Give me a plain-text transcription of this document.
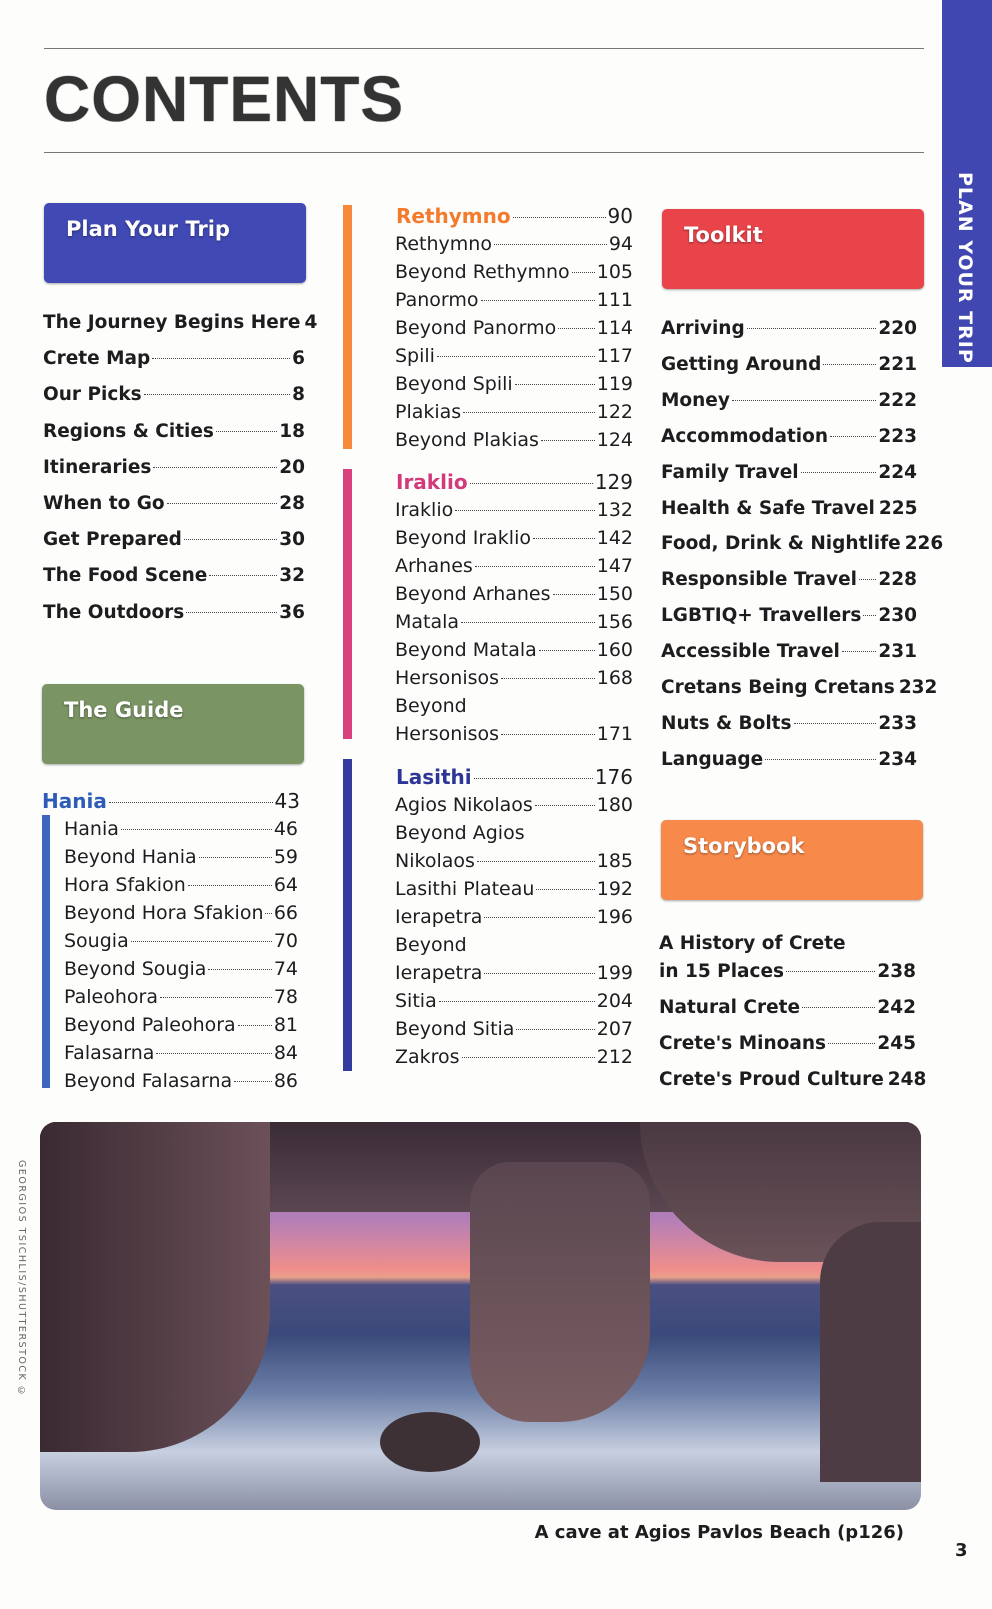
CONTENTS
PLAN YOUR TRIP
Plan Your Trip
The Guide
Toolkit
Storybook
The Journey Begins Here 4
Crete Map	6
Our Picks	8
Regions & Cities	18
Itineraries	20
When to Go	28
Get Prepared	30
The Food Scene	32
The Outdoors	36
Hania	43
Hania	46
Beyond Hania	59
Hora Sfakion	64
Beyond Hora Sfakion 66
Sougia	70
Beyond Sougia	74
Paleohora	78
Beyond Paleohora 81
Falasarna	84
Beyond Falasarna 86
Rethymno	90
Rethymno	94
Beyond Rethymno 105
Panormo	111
Beyond Panormo 114
Spili	117
Beyond Spili	119
Plakias	122
Beyond Plakias	124
Iraklio	129
Iraklio	132
Beyond Iraklio	142
Arhanes	147
Beyond Arhanes 150
Matala	156
Beyond Matala	160
Hersonisos	168
Beyond
Hersonisos	171
Lasithi	176
Agios Nikolaos	180
Beyond Agios
Nikolaos	185
Lasithi Plateau	192
Ierapetra	196
Beyond
Ierapetra	199
Sitia	204
Beyond Sitia	207
Zakros	212
Arriving	220
Getting Around	221
Money	222
Accommodation	223
Family Travel	224
Health & Safe Travel 225
Food, Drink & Nightlife 226
Responsible Travel 228
LGBTIQ+ Travellers 230
Accessible Travel 231
Cretans Being Cretans 232
Nuts & Bolts	233
Language	234
A History of Crete
in 15 Places	238
Natural Crete	242
Crete's Minoans	245
Crete's Proud Culture 248
GEORGIOS TSICHLIS/SHUTTERSTOCK ©
A cave at Agios Pavlos Beach (p126)
3
